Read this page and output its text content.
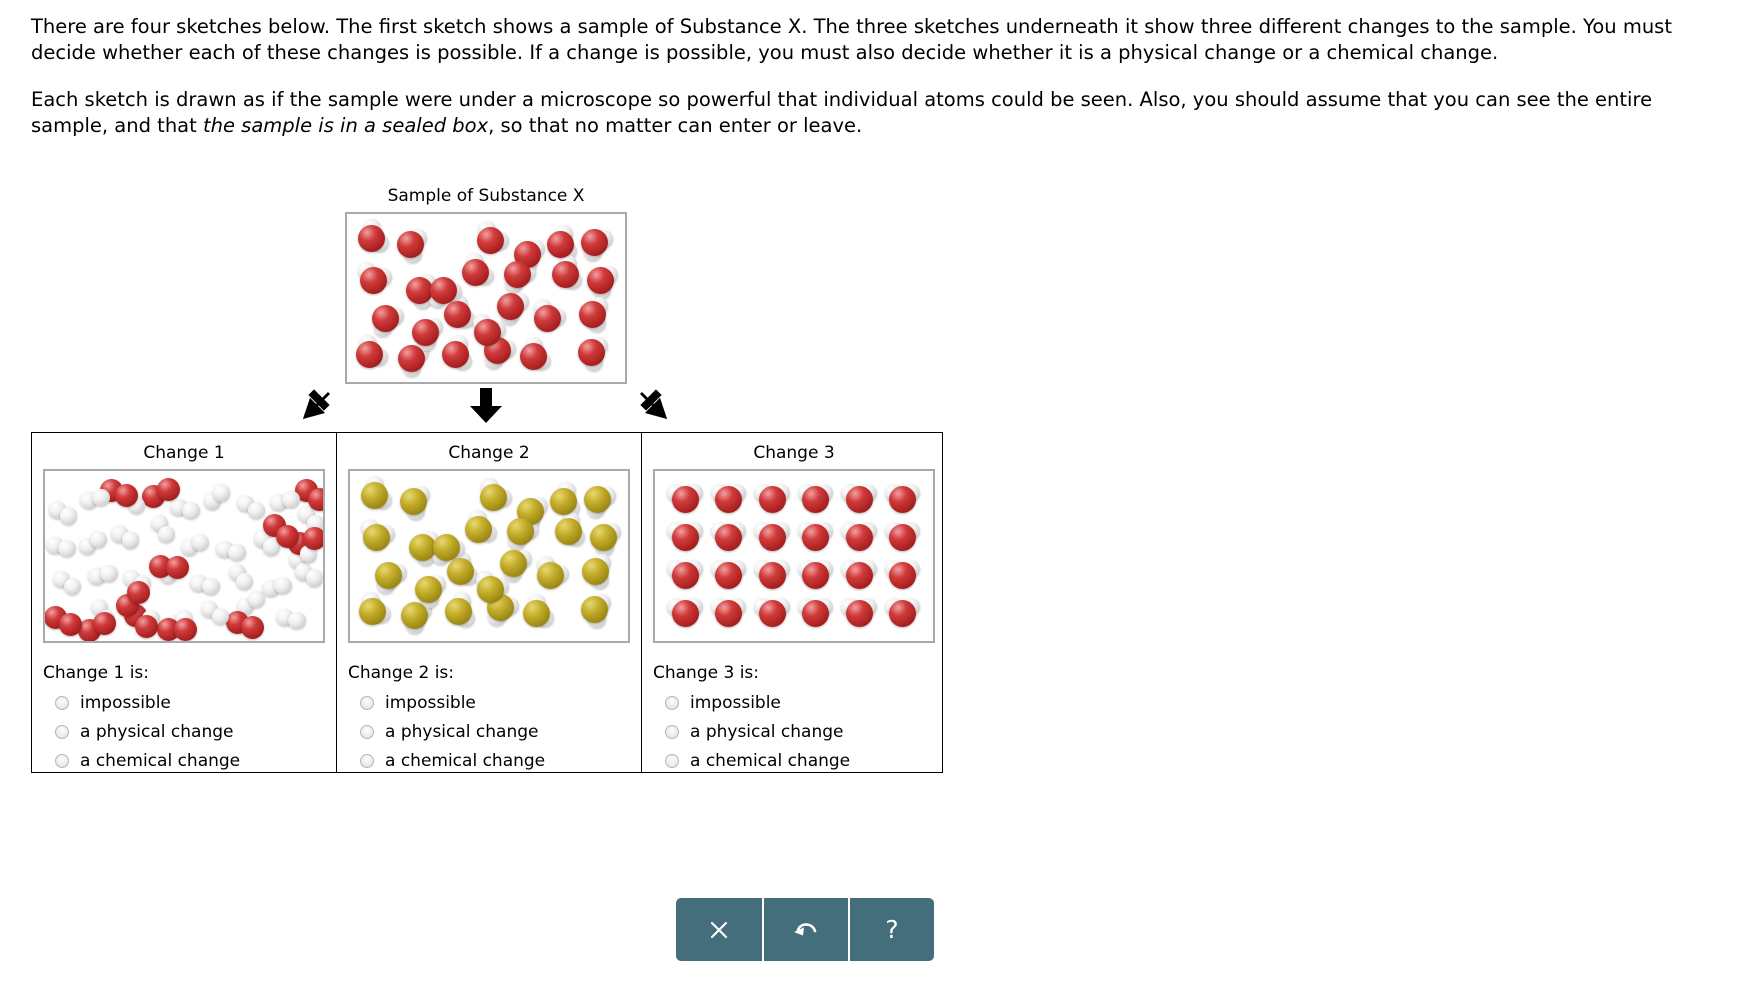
There are four sketches below. The first sketch shows a sample of Substance X. The three sketches underneath it show three different changes to the sample. You must decide whether each of these changes is possible. If a change is possible, you must also decide whether it is a physical change or a chemical change.

Each sketch is drawn as if the sample were under a microscope so powerful that individual atoms could be seen. Also, you should assume that you can see the entire sample, and that the sample is in a sealed box, so that no matter can enter or leave.

Sample of Substance X
Change 1
Change 1 is:
impossible
a physical change
a chemical change
Change 2
Change 2 is:
impossible
a physical change
a chemical change
Change 3
Change 3 is:
impossible
a physical change
a chemical change
?
